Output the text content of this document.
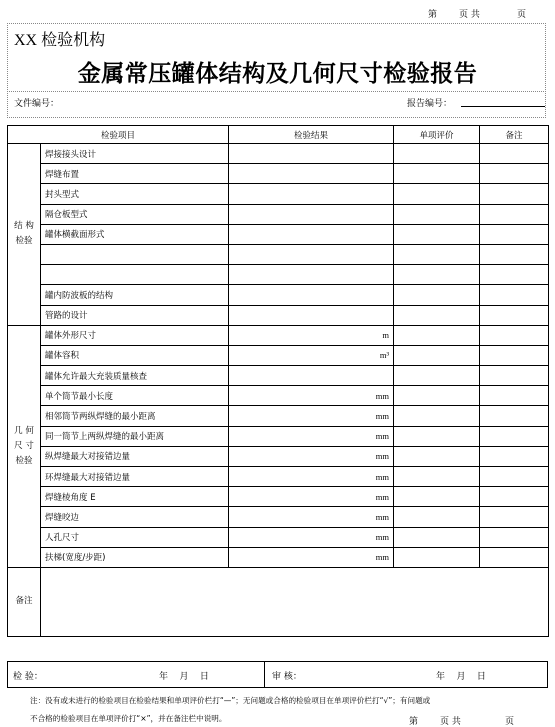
第 页 共	页
XX 检验机构
金属常压罐体结构及几何尺寸检验报告
文件编号：	报告编号：
检验项目		检验结果	单项评价	备注
结 构
检验	焊接接头设计			
	焊缝布置			
	封头型式			
	隔仓板型式			
	罐体横截面形式			

	罐内防波板的结构			
	管路的设计			
几 何
尺 寸
检验	罐体外形尺寸	m		
	罐体容积	m³		
	罐体允许最大充装质量核查			
	单个筒节最小长度	mm		
	相邻筒节两纵焊缝的最小距离	mm		
	同一筒节上两纵焊缝的最小距离	mm		
	纵焊缝最大对接错边量	mm		
	环焊缝最大对接错边量	mm		
	焊缝棱角度 E	mm		
	焊缝咬边	mm		
	人孔尺寸	mm		
	扶梯(宽度/步距)	mm		
备注				
检 验：	年    月    日	审 核：	年    月    日
注：没有或未进行的检验项目在检验结果和单项评价栏打“—”；无问题或合格的检验项目在单项评价栏打“√”；有问题或
不合格的检验项目在单项评价打“×”，并在备注栏中说明。	第 页 共	页
